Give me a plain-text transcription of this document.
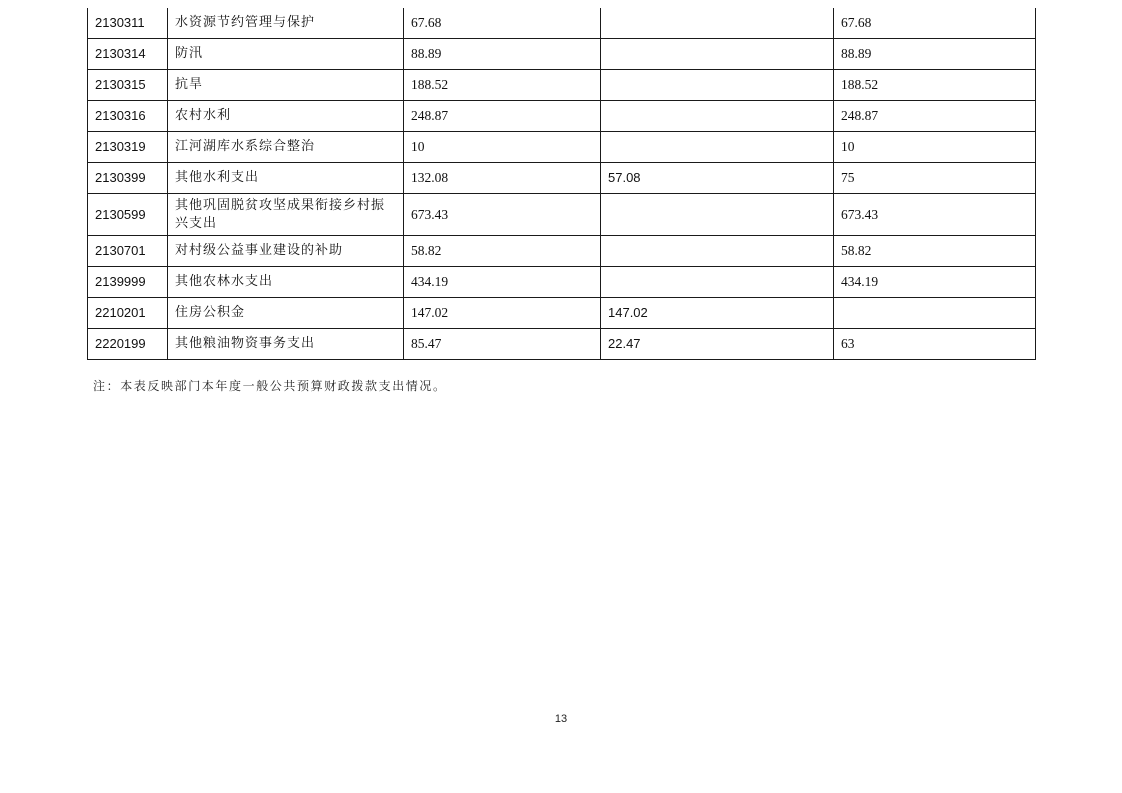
2130311	水资源节约管理与保护	67.68		67.68
2130314	防汛	88.89		88.89
2130315	抗旱	188.52		188.52
2130316	农村水利	248.87		248.87
2130319	江河湖库水系综合整治	10		10
2130399	其他水利支出	132.08	57.08	75
2130599	其他巩固脱贫攻坚成果衔接乡村振兴支出	673.43		673.43
2130701	对村级公益事业建设的补助	58.82		58.82
2139999	其他农林水支出	434.19		434.19
2210201	住房公积金	147.02	147.02	
2220199	其他粮油物资事务支出	85.47	22.47	63
注：本表反映部门本年度一般公共预算财政拨款支出情况。
13
